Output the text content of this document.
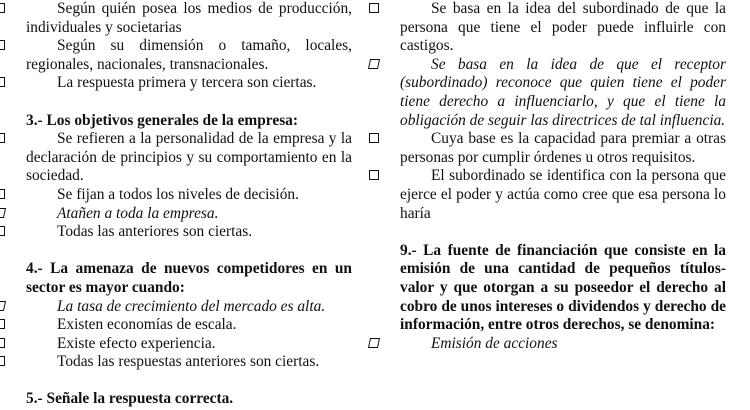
Según quién posea los medios de producción, individuales y societarias

Según su dimensión o tamaño, locales, regionales, nacionales, transnacionales.

La respuesta primera y tercera son ciertas.

3.- Los objetivos generales de la empresa:

Se refieren a la personalidad de la empresa y la declaración de principios y su comportamiento en la sociedad.

Se fijan a todos los niveles de decisión.

Atañen a toda la empresa.

Todas las anteriores son ciertas.

4.- La amenaza de nuevos competidores en un sector es mayor cuando:

La tasa de crecimiento del mercado es alta.

Existen economías de escala.

Existe efecto experiencia.

Todas las respuestas anteriores son ciertas.

5.- Señale la respuesta correcta.

Se basa en la idea del subordinado de que la persona que tiene el poder puede influirle con castigos.

Se basa en la idea de que el receptor (subordinado) reconoce que quien tiene el poder tiene derecho a influenciarlo, y que el tiene la obligación de seguir las directrices de tal influencia.

Cuya base es la capacidad para premiar a otras personas por cumplir órdenes u otros requisitos.

El subordinado se identifica con la persona que ejerce el poder y actúa como cree que esa persona lo haría

9.- La fuente de financiación que consiste en la emisión de una cantidad de pequeños títulos-valor y que otorgan a su poseedor el derecho al cobro de unos intereses o dividendos y derecho de información, entre otros derechos, se denomina:

Emisión de acciones
